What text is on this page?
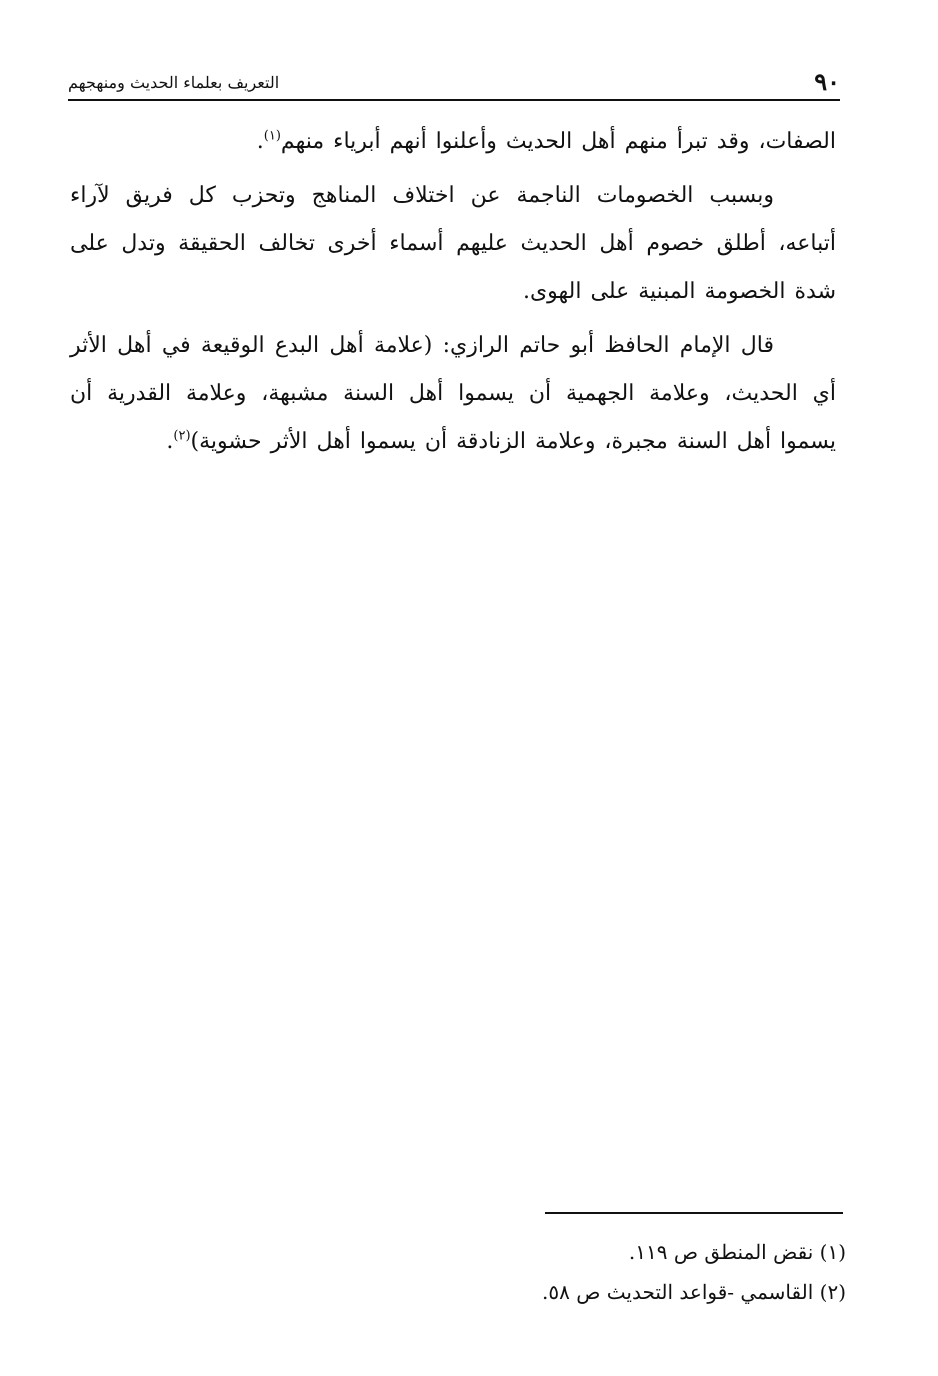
٩٠
التعريف بعلماء الحديث ومنهجهم

الصفات، وقد تبرأ منهم أهل الحديث وأعلنوا أنهم أبرياء منهم$^{(١)}$.

وبسبب الخصومات الناجمة عن اختلاف المناهج وتحزب كل فريق لآراء أتباعه، أطلق خصوم أهل الحديث عليهم أسماء أخرى تخالف الحقيقة وتدل على شدة الخصومة المبنية على الهوى.

قال الإمام الحافظ أبو حاتم الرازي: (علامة أهل البدع الوقيعة في أهل الأثر أي الحديث، وعلامة الجهمية أن يسموا أهل السنة مشبهة، وعلامة القدرية أن يسموا أهل السنة مجبرة، وعلامة الزنادقة أن يسموا أهل الأثر حشوية)$^{(٢)}$.

(١) نقض المنطق ص ١١٩.

(٢) القاسمي -قواعد التحديث ص ٥٨.
